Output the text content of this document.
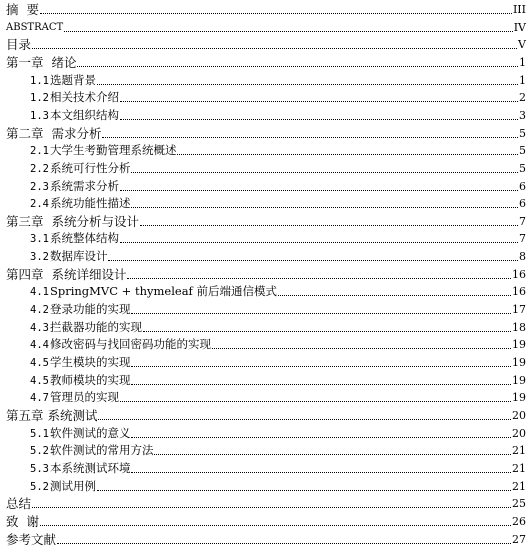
摘  要	III
ABSTRACT	IV
目录	V
第一章  绪论	1
1.1选题背景	1
1.2相关技术介绍	2
1.3本文组织结构	3
第二章  需求分析	5
2.1大学生考勤管理系统概述	5
2.2系统可行性分析	5
2.3系统需求分析	6
2.4系统功能性描述	6
第三章  系统分析与设计	7
3.1系统整体结构	7
3.2数据库设计	8
第四章  系统详细设计	16
4.1SpringMVC + thymeleaf 前后端通信模式	16
4.2登录功能的实现	17
4.3拦截器功能的实现	18
4.4修改密码与找回密码功能的实现	19
4.5学生模块的实现	19
4.5教师模块的实现	19
4.7管理员的实现	19
第五章 系统测试	20
5.1软件测试的意义	20
5.2软件测试的常用方法	21
5.3本系统测试环境	21
5.2测试用例	21
总结	25
致  谢	26
参考文献	27
